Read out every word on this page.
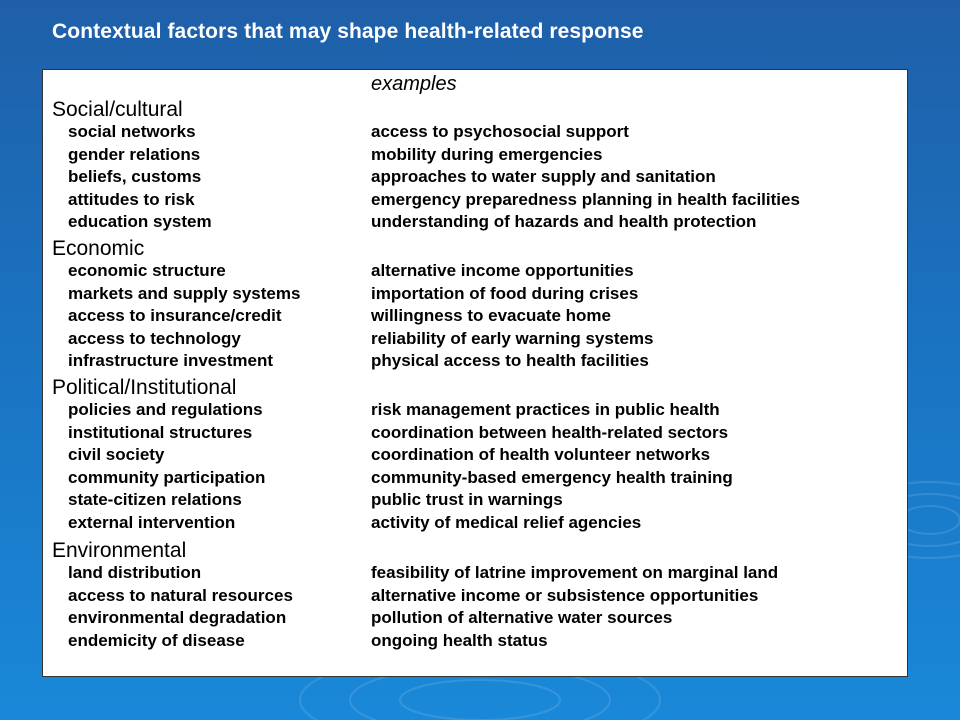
Contextual factors that may shape health-related response
examples
Social/cultural
social networks	access to psychosocial support
gender relations	mobility during emergencies
beliefs, customs	approaches to water supply and sanitation
attitudes to risk	emergency preparedness planning in health facilities
education system	understanding of hazards and health protection
Economic
economic structure	alternative income opportunities
markets and supply systems	importation of food during crises
access to insurance/credit	willingness to evacuate home
access to technology	reliability of early warning systems
infrastructure investment	physical access to health facilities
Political/Institutional
policies and regulations	risk management practices in public health
institutional structures	coordination between health-related sectors
civil society	coordination of health volunteer networks
community participation	community-based emergency health training
state-citizen relations	public trust in warnings
external intervention	activity of medical relief agencies
Environmental
land distribution	feasibility of latrine improvement on marginal land
access to natural resources	alternative income or subsistence opportunities
environmental degradation	pollution of alternative water sources
endemicity of disease	ongoing health status
